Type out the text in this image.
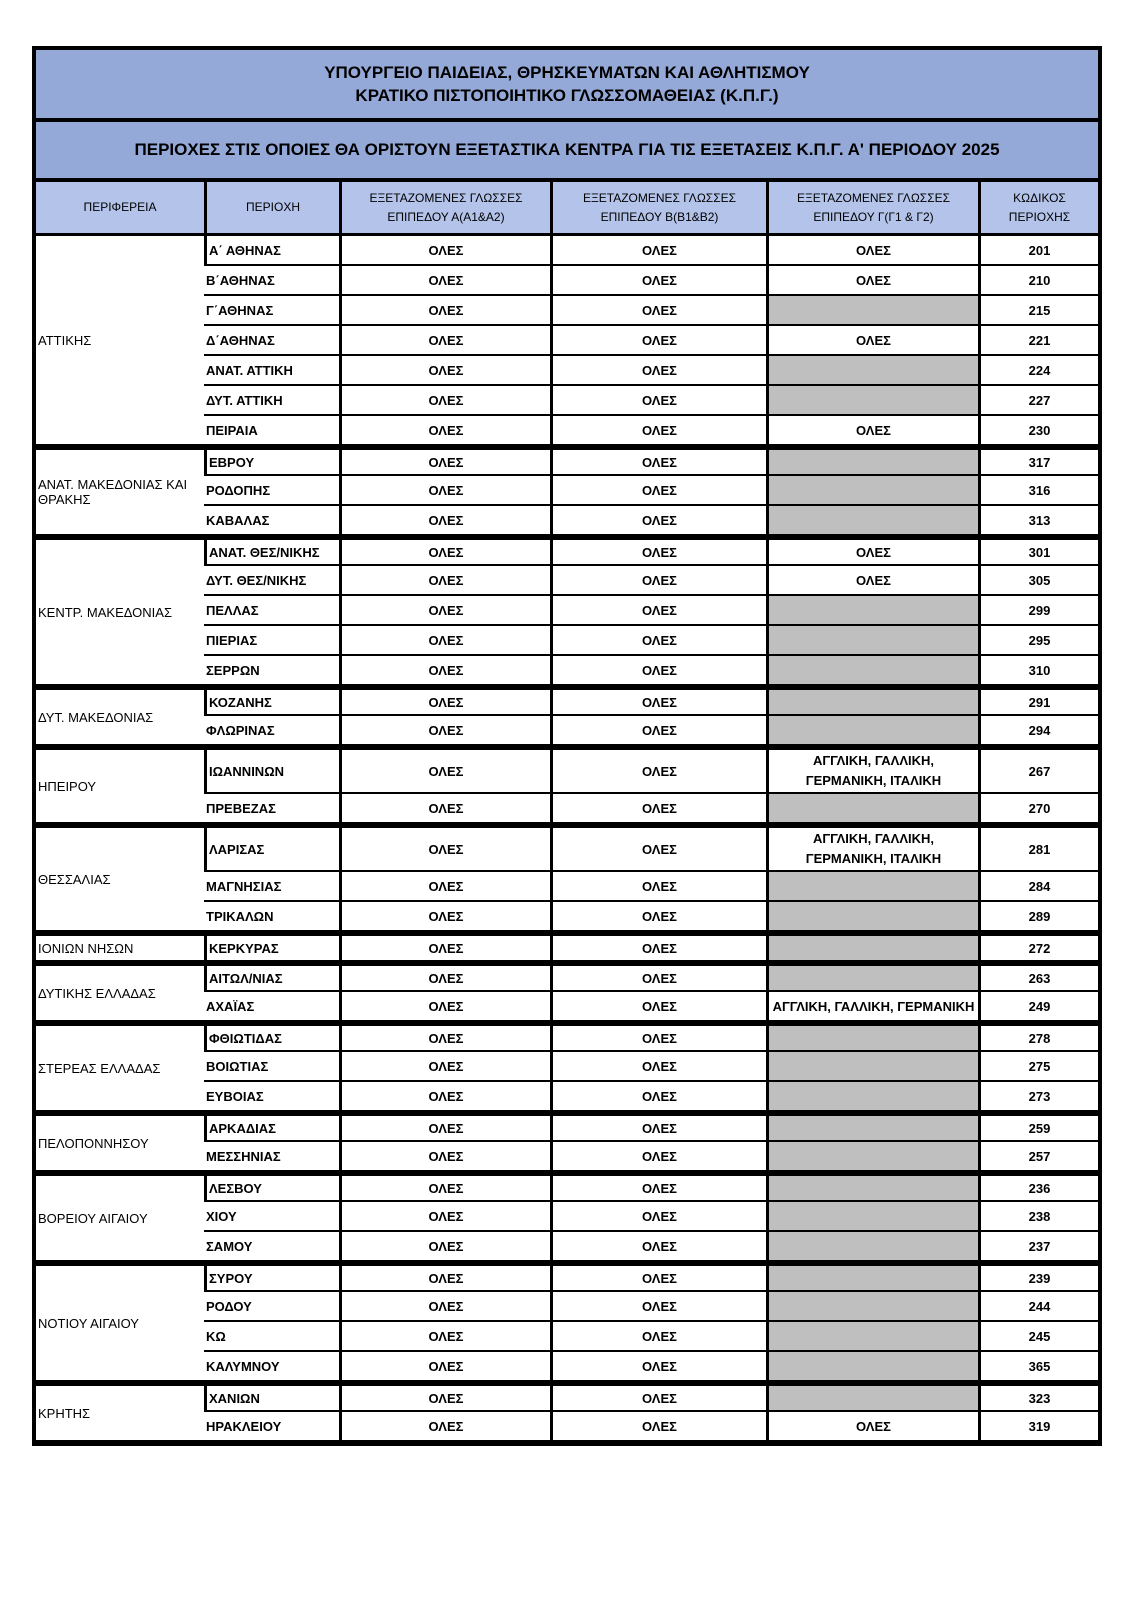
ΥΠΟΥΡΓΕΙΟ ΠΑΙΔΕΙΑΣ, ΘΡΗΣΚΕΥΜΑΤΩΝ ΚΑΙ ΑΘΛΗΤΙΣΜΟΥ
ΚΡΑΤΙΚΟ ΠΙΣΤΟΠΟΙΗΤΙΚΟ ΓΛΩΣΣΟΜΑΘΕΙΑΣ (Κ.Π.Γ.)
ΠΕΡΙΟΧΕΣ ΣΤΙΣ ΟΠΟΙΕΣ ΘΑ ΟΡΙΣΤΟΥΝ ΕΞΕΤΑΣΤΙΚΑ ΚΕΝΤΡΑ ΓΙΑ ΤΙΣ ΕΞΕΤΑΣΕΙΣ Κ.Π.Γ. Α' ΠΕΡΙΟΔΟΥ 2025
ΠΕΡΙΦΕΡΕΙΑ	ΠΕΡΙΟΧΗ	ΕΞΕΤΑΖΟΜΕΝΕΣ ΓΛΩΣΣΕΣ ΕΠΙΠΕΔΟΥ Α(Α1&Α2)	ΕΞΕΤΑΖΟΜΕΝΕΣ ΓΛΩΣΣΕΣ ΕΠΙΠΕΔΟΥ Β(Β1&Β2)	ΕΞΕΤΑΖΟΜΕΝΕΣ ΓΛΩΣΣΕΣ ΕΠΙΠΕΔΟΥ Γ(Γ1 & Γ2)	ΚΩΔΙΚΟΣ ΠΕΡΙΟΧΗΣ
ΑΤΤΙΚΗΣ	Α΄ ΑΘΗΝΑΣ	ΟΛΕΣ	ΟΛΕΣ	ΟΛΕΣ	201
	Β΄ΑΘΗΝΑΣ	ΟΛΕΣ	ΟΛΕΣ	ΟΛΕΣ	210
	Γ΄ΑΘΗΝΑΣ	ΟΛΕΣ	ΟΛΕΣ		215
	Δ΄ΑΘΗΝΑΣ	ΟΛΕΣ	ΟΛΕΣ	ΟΛΕΣ	221
	ΑΝΑΤ. ΑΤΤΙΚΗ	ΟΛΕΣ	ΟΛΕΣ		224
	ΔΥΤ. ΑΤΤΙΚΗ	ΟΛΕΣ	ΟΛΕΣ		227
	ΠΕΙΡΑΙΑ	ΟΛΕΣ	ΟΛΕΣ	ΟΛΕΣ	230
ΑΝΑΤ. ΜΑΚΕΔΟΝΙΑΣ ΚΑΙ ΘΡΑΚΗΣ	ΕΒΡΟΥ	ΟΛΕΣ	ΟΛΕΣ		317
	ΡΟΔΟΠΗΣ	ΟΛΕΣ	ΟΛΕΣ		316
	ΚΑΒΑΛΑΣ	ΟΛΕΣ	ΟΛΕΣ		313
ΚΕΝΤΡ. ΜΑΚΕΔΟΝΙΑΣ	ΑΝΑΤ. ΘΕΣ/ΝΙΚΗΣ	ΟΛΕΣ	ΟΛΕΣ	ΟΛΕΣ	301
	ΔΥΤ. ΘΕΣ/ΝΙΚΗΣ	ΟΛΕΣ	ΟΛΕΣ	ΟΛΕΣ	305
	ΠΕΛΛΑΣ	ΟΛΕΣ	ΟΛΕΣ		299
	ΠΙΕΡΙΑΣ	ΟΛΕΣ	ΟΛΕΣ		295
	ΣΕΡΡΩΝ	ΟΛΕΣ	ΟΛΕΣ		310
ΔΥΤ. ΜΑΚΕΔΟΝΙΑΣ	ΚΟΖΑΝΗΣ	ΟΛΕΣ	ΟΛΕΣ		291
	ΦΛΩΡΙΝΑΣ	ΟΛΕΣ	ΟΛΕΣ		294
ΗΠΕΙΡΟΥ	ΙΩΑΝΝΙΝΩΝ	ΟΛΕΣ	ΟΛΕΣ	ΑΓΓΛΙΚΗ, ΓΑΛΛΙΚΗ, ΓΕΡΜΑΝΙΚΗ, ΙΤΑΛΙΚΗ	267
	ΠΡΕΒΕΖΑΣ	ΟΛΕΣ	ΟΛΕΣ		270
ΘΕΣΣΑΛΙΑΣ	ΛΑΡΙΣΑΣ	ΟΛΕΣ	ΟΛΕΣ	ΑΓΓΛΙΚΗ, ΓΑΛΛΙΚΗ, ΓΕΡΜΑΝΙΚΗ, ΙΤΑΛΙΚΗ	281
	ΜΑΓΝΗΣΙΑΣ	ΟΛΕΣ	ΟΛΕΣ		284
	ΤΡΙΚΑΛΩΝ	ΟΛΕΣ	ΟΛΕΣ		289
ΙΟΝΙΩΝ ΝΗΣΩΝ	ΚΕΡΚΥΡΑΣ	ΟΛΕΣ	ΟΛΕΣ		272
ΔΥΤΙΚΗΣ ΕΛΛΑΔΑΣ	ΑΙΤΩΛ/ΝΙΑΣ	ΟΛΕΣ	ΟΛΕΣ		263
	ΑΧΑΪΑΣ	ΟΛΕΣ	ΟΛΕΣ	ΑΓΓΛΙΚΗ, ΓΑΛΛΙΚΗ, ΓΕΡΜΑΝΙΚΗ	249
ΣΤΕΡΕΑΣ ΕΛΛΑΔΑΣ	ΦΘΙΩΤΙΔΑΣ	ΟΛΕΣ	ΟΛΕΣ		278
	ΒΟΙΩΤΙΑΣ	ΟΛΕΣ	ΟΛΕΣ		275
	ΕΥΒΟΙΑΣ	ΟΛΕΣ	ΟΛΕΣ		273
ΠΕΛΟΠΟΝΝΗΣΟΥ	ΑΡΚΑΔΙΑΣ	ΟΛΕΣ	ΟΛΕΣ		259
	ΜΕΣΣΗΝΙΑΣ	ΟΛΕΣ	ΟΛΕΣ		257
ΒΟΡΕΙΟΥ ΑΙΓΑΙΟΥ	ΛΕΣΒΟΥ	ΟΛΕΣ	ΟΛΕΣ		236
	ΧΙΟΥ	ΟΛΕΣ	ΟΛΕΣ		238
	ΣΑΜΟΥ	ΟΛΕΣ	ΟΛΕΣ		237
ΝΟΤΙΟΥ ΑΙΓΑΙΟΥ	ΣΥΡΟΥ	ΟΛΕΣ	ΟΛΕΣ		239
	ΡΟΔΟΥ	ΟΛΕΣ	ΟΛΕΣ		244
	ΚΩ	ΟΛΕΣ	ΟΛΕΣ		245
	ΚΑΛΥΜΝΟΥ	ΟΛΕΣ	ΟΛΕΣ		365
ΚΡΗΤΗΣ	ΧΑΝΙΩΝ	ΟΛΕΣ	ΟΛΕΣ		323
	ΗΡΑΚΛΕΙΟΥ	ΟΛΕΣ	ΟΛΕΣ	ΟΛΕΣ	319
